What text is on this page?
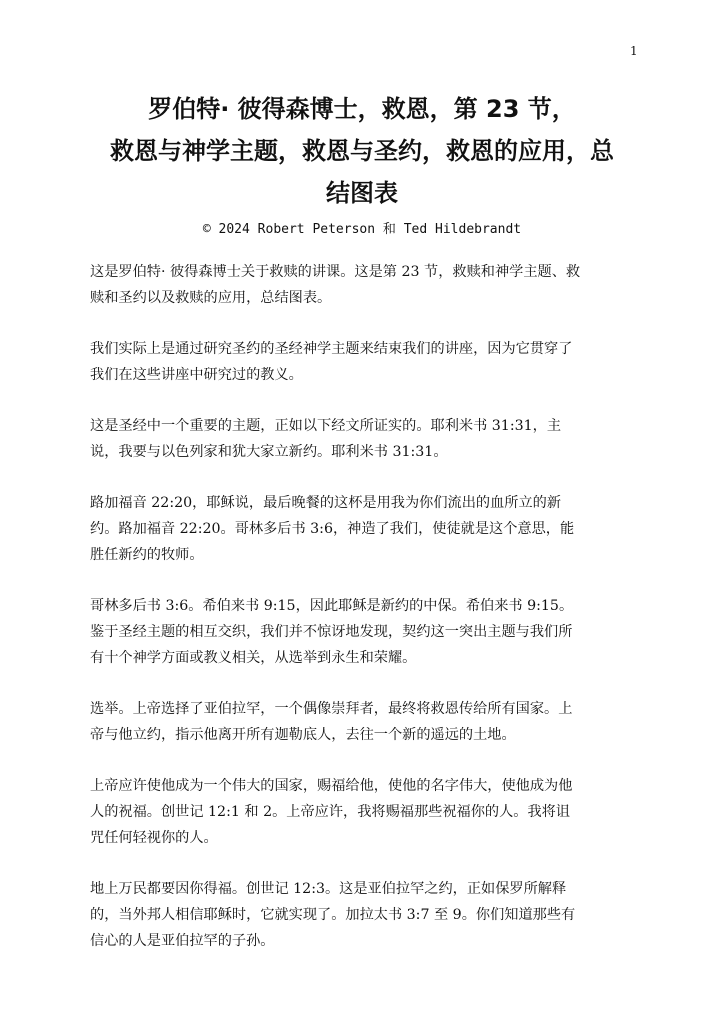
1
罗伯特· 彼得森博士，救恩，第 23 节，
救恩与神学主题，救恩与圣约，救恩的应用，总
结图表
© 2024 Robert Peterson 和 Ted Hildebrandt

这是罗伯特· 彼得森博士关于救赎的讲课。这是第 23 节，救赎和神学主题、救
赎和圣约以及救赎的应用，总结图表。

我们实际上是通过研究圣约的圣经神学主题来结束我们的讲座，因为它贯穿了
我们在这些讲座中研究过的教义。

这是圣经中一个重要的主题，正如以下经文所证实的。耶利米书 31:31，主
说，我要与以色列家和犹大家立新约。耶利米书 31:31。

路加福音 22:20，耶稣说，最后晚餐的这杯是用我为你们流出的血所立的新
约。路加福音 22:20。哥林多后书 3:6，神造了我们，使徒就是这个意思，能
胜任新约的牧师。

哥林多后书 3:6。希伯来书 9:15，因此耶稣是新约的中保。希伯来书 9:15。
鉴于圣经主题的相互交织，我们并不惊讶地发现，契约这一突出主题与我们所
有十个神学方面或教义相关，从选举到永生和荣耀。

选举。上帝选择了亚伯拉罕，一个偶像崇拜者，最终将救恩传给所有国家。上
帝与他立约，指示他离开所有迦勒底人，去往一个新的遥远的土地。

上帝应许使他成为一个伟大的国家，赐福给他，使他的名字伟大，使他成为他
人的祝福。创世记 12:1 和 2。上帝应许，我将赐福那些祝福你的人。我将诅
咒任何轻视你的人。

地上万民都要因你得福。创世记 12:3。这是亚伯拉罕之约，正如保罗所解释
的，当外邦人相信耶稣时，它就实现了。加拉太书 3:7 至 9。你们知道那些有
信心的人是亚伯拉罕的子孙。
